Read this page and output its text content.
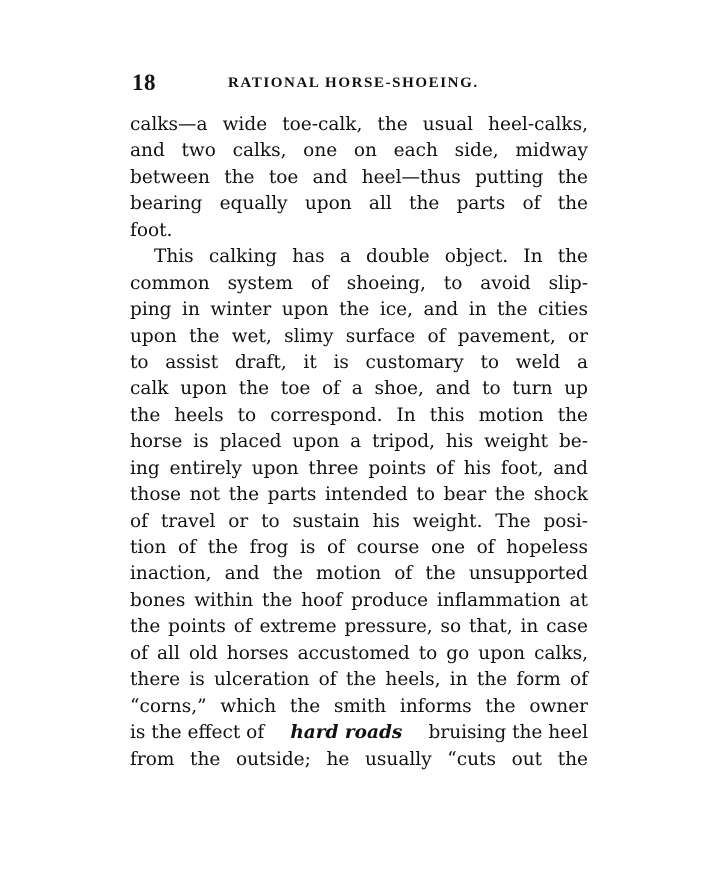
18	RATIONAL HORSE-SHOEING.
calks—a wide toe-calk, the usual heel-calks,
and two calks, one on each side, midway
between the toe and heel—thus putting the
bearing equally upon all the parts of the
foot.
This calking has a double object. In the
common system of shoeing, to avoid slip-
ping in winter upon the ice, and in the cities
upon the wet, slimy surface of pavement, or
to assist draft, it is customary to weld a
calk upon the toe of a shoe, and to turn up
the heels to correspond. In this motion the
horse is placed upon a tripod, his weight be-
ing entirely upon three points of his foot, and
those not the parts intended to bear the shock
of travel or to sustain his weight. The posi-
tion of the frog is of course one of hopeless
inaction, and the motion of the unsupported
bones within the hoof produce inflammation at
the points of extreme pressure, so that, in case
of all old horses accustomed to go upon calks,
there is ulceration of the heels, in the form of
“corns,” which the smith informs the owner
is the effect of hard roads bruising the heel
from the outside; he usually “cuts out the
